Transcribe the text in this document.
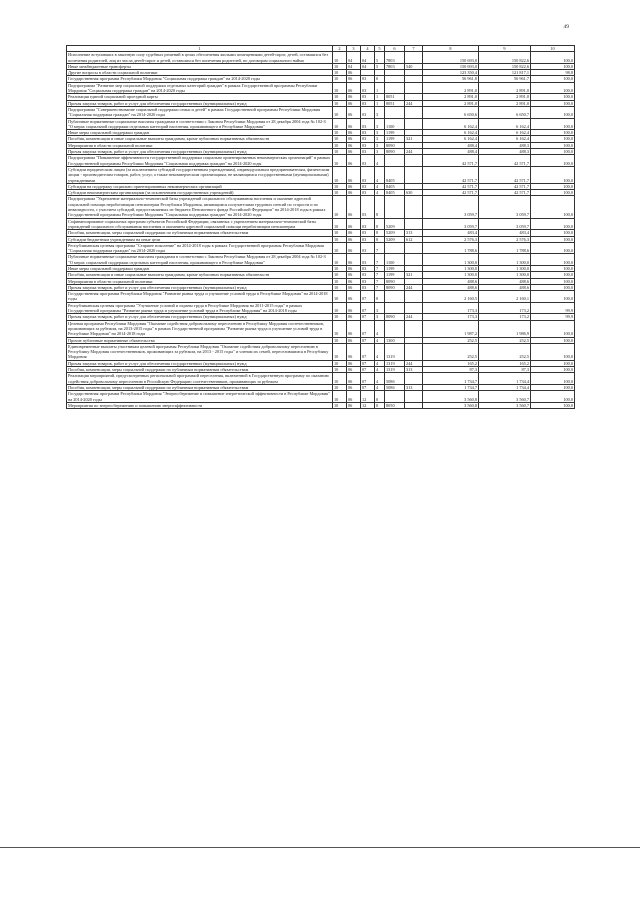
49
1	2	3	4	5	6	7	8	9	10
Исполнение вступивших в законную силу судебных решений в целях обеспечения жилыми помещениями детей-сирот, детей, оставшихся без попечения родителей, лиц из числа детей-сирот и детей, оставшихся без попечения родителей, по договорам социального найма	10	04	04	5	7803		150 693,0	150 822,6	100,0
Иные межбюджетные трансферты	10	04	04	5	7803	540	150 693,0	150 822,6	100,0
Другие вопросы в области социальной политики	10	06					123 350,4	121 817,1	98,8
Государственная программа Республики Мордовия "Социальная поддержка граждан" на 2014-2020 годы	10	06	03	0			56 961,8	56 961,7	100,0
Подпрограмма "Развитие мер социальной поддержки отдельных категорий граждан" в рамках Государственной программы Республики Мордовия "Социальная поддержка граждан" на 2014-2020 годы	10	06	03	1			2 891,0	2 891,0	100,0
Реализация единой социальной проездной карты	10	06	03	1	8051		2 891,0	2 891,0	100,0
Прочая закупка товаров, работ и услуг для обеспечения государственных (муниципальных) нужд	10	06	03	1	8051	244	2 891,0	2 891,0	100,0
Подпрограмма "Совершенствование социальной поддержки семьи и детей" в рамках Государственной программы Республики Мордовия "Социальная поддержка граждан" на 2014-2020 годы	10	06	03	3			6 650,6	6 650,7	100,0
Публичные нормативные социальные выплаты гражданам в соответствии с Законом Республики Мордовия от 28 декабря 2004 года № 102-З "О мерах социальной поддержки отдельных категорий населения, проживающего в Республике Мордовия"	10	06	03	3	1100		6 162,4	6 162,4	100,0
Иные меры социальной поддержки граждан	10	06	03	3	1199		6 162,4	6 162,4	100,0
Пособия, компенсации и иные социальные выплаты гражданам, кроме публичных нормативных обязательств	10	06	03	3	1199	321	6 162,4	6 162,4	100,0
Мероприятия в области социальной политики	10	06	03	3	8090		488,4	488,3	100,0
Прочая закупка товаров, работ и услуг для обеспечения государственных (муниципальных) нужд	10	06	03	3	8090	244	488,4	488,3	100,0
Подпрограмма "Повышение эффективности государственной поддержки социально ориентированных некоммерческих организаций" в рамках Государственной программы Республики Мордовия "Социальная поддержка граждан" на 2014-2020 годы	10	06	03	4			42 571,7	42 571,7	100,0
Субсидии юридическим лицам (за исключением субсидий государственным учреждениям), индивидуальным предпринимателям, физическим лицам - производителям товаров, работ, услуг, а также некоммерческим организациям, не являющимся государственными (муниципальными) учреждениями	10	06	03	4	8405		42 571,7	42 571,7	100,0
Субсидии на поддержку социально ориентированных некоммерческих организаций	10	06	03	4	8405		42 571,7	42 571,7	100,0
Субсидии некоммерческим организациям (за исключением государственных учреждений)	10	06	03	4	8405	630	42 571,7	42 571,7	100,0
Подпрограмма "Укрепление материально-технической базы учреждений социального обслуживания населения и оказание адресной социальной помощи неработающим пенсионерам Республики Мордовия, являющимся получателями трудовых пенсий по старости и по инвалидности, с участием субсидий, предоставляемых из бюджета Пенсионного фонда Российской Федерации" на 2014-2018 годы в рамках Государственной программы Республики Мордовия "Социальная поддержка граждан" на 2014-2020 годы	10	06	03	8			3 059,7	3 059,7	100,0
Софинансирование социальных программ субъектов Российской Федерации, связанных с укреплением материально-технической базы учреждений социального обслуживания населения и оказанием адресной социальной помощи неработающим пенсионерам	10	06	03	8	5209		3 059,7	3 059,7	100,0
Пособия, компенсации, меры социальной поддержки по публичным нормативным обязательствам	10	06	03	8	5209	313	483,4	483,4	100,0
Субсидии бюджетным учреждениям на иные цели	10	06	03	8	5209	612	2 576,3	2 576,3	100,0
Республиканская целевая программа "Старшее поколение" на 2014-2018 годы в рамках Государственной программы Республики Мордовия "Социальная поддержка граждан" на 2014-2020 годы	10	06	03	7			1 788,6	1 788,6	100,0
Публичные нормативные социальные выплаты гражданам в соответствии с Законом Республики Мордовия от 28 декабря 2004 года № 102-З "О мерах социальной поддержки отдельных категорий населения, проживающего в Республике Мордовия"	10	06	03	7	1100		1 300,0	1 300,0	100,0
Иные меры социальной поддержки граждан	10	06	03	7	1199		1 300,0	1 300,0	100,0
Пособия, компенсации и иные социальные выплаты гражданам, кроме публичных нормативных обязательств	10	06	03	7	1199	321	1 300,0	1 300,0	100,0
Мероприятия в области социальной политики	10	06	03	7	8090		488,6	488,6	100,0
Прочая закупка товаров, работ и услуг для обеспечения государственных (муниципальных) нужд	10	06	03	7	8090	244	488,6	488,6	100,0
Государственная программа Республики Мордовия "Развитие рынка труда и улучшение условий труда в Республике Мордовия" на 2014-2018 годы	10	06	07	0			2 160,5	2 160,1	100,0
Республиканская целевая программа "Улучшение условий и охраны труда в Республике Мордовия на 2011-2015 годы" в рамках Государственной программы "Развитие рынка труда и улучшение условий труда в Республике Мордовия" на 2014-2018 годы	10	06	07	3			173,3	173,2	99,9
Прочая закупка товаров, работ и услуг для обеспечения государственных (муниципальных) нужд	10	06	07	3	8090	244	173,3	173,2	99,9
Целевая программа Республики Мордовия "Оказание содействия добровольному переселению в Республику Мордовия соотечественников, проживающих за рубежом, на 2013-2015 годы" в рамках Государственной программы "Развитие рынка труда и улучшение условий труда в Республике Мордовия" на 2014-2018 годы	10	06	07	4			1 987,2	1 986,9	100,0
Прочие публичные нормативные обязательства	10	06	07	4	1300		252,5	252,5	100,0
Единовременные выплаты участникам целевой программы Республики Мордовия "Оказание содействия добровольному переселению в Республику Мордовия соотечественников, проживающих за рубежом, на 2013 - 2015 годы" и членам их семей, переселившимся в Республику Мордовия	10	06	07	4	1319		252,5	252,5	100,0
Прочая закупка товаров, работ и услуг для обеспечения государственных (муниципальных) нужд	10	06	07	4	1319	244	165,2	165,2	100,0
Пособия, компенсации, меры социальной поддержки по публичным нормативным обязательствам	10	06	07	4	1319	313	87,3	87,3	100,0
Реализация мероприятий, предусмотренных региональной программой переселения, включенной в Государственную программу по оказанию содействия добровольному переселению в Российскую Федерацию соотечественников, проживающих за рубежом	10	06	07	4	5086		1 734,7	1 734,4	100,0
Пособия, компенсации, меры социальной поддержки по публичным нормативным обязательствам	10	06	07	4	5086	313	1 734,7	1 734,4	100,0
Государственная программа Республики Мордовия "Энергосбережение и повышение энергетической эффективности в Республике Мордовия" на 2014-2020 годы	10	06	12	0			3 560,8	3 560,7	100,0
Мероприятия по энергосбережению и повышению энергоэффективности	10	06	12	0	8050		3 560,8	3 560,7	100,0
